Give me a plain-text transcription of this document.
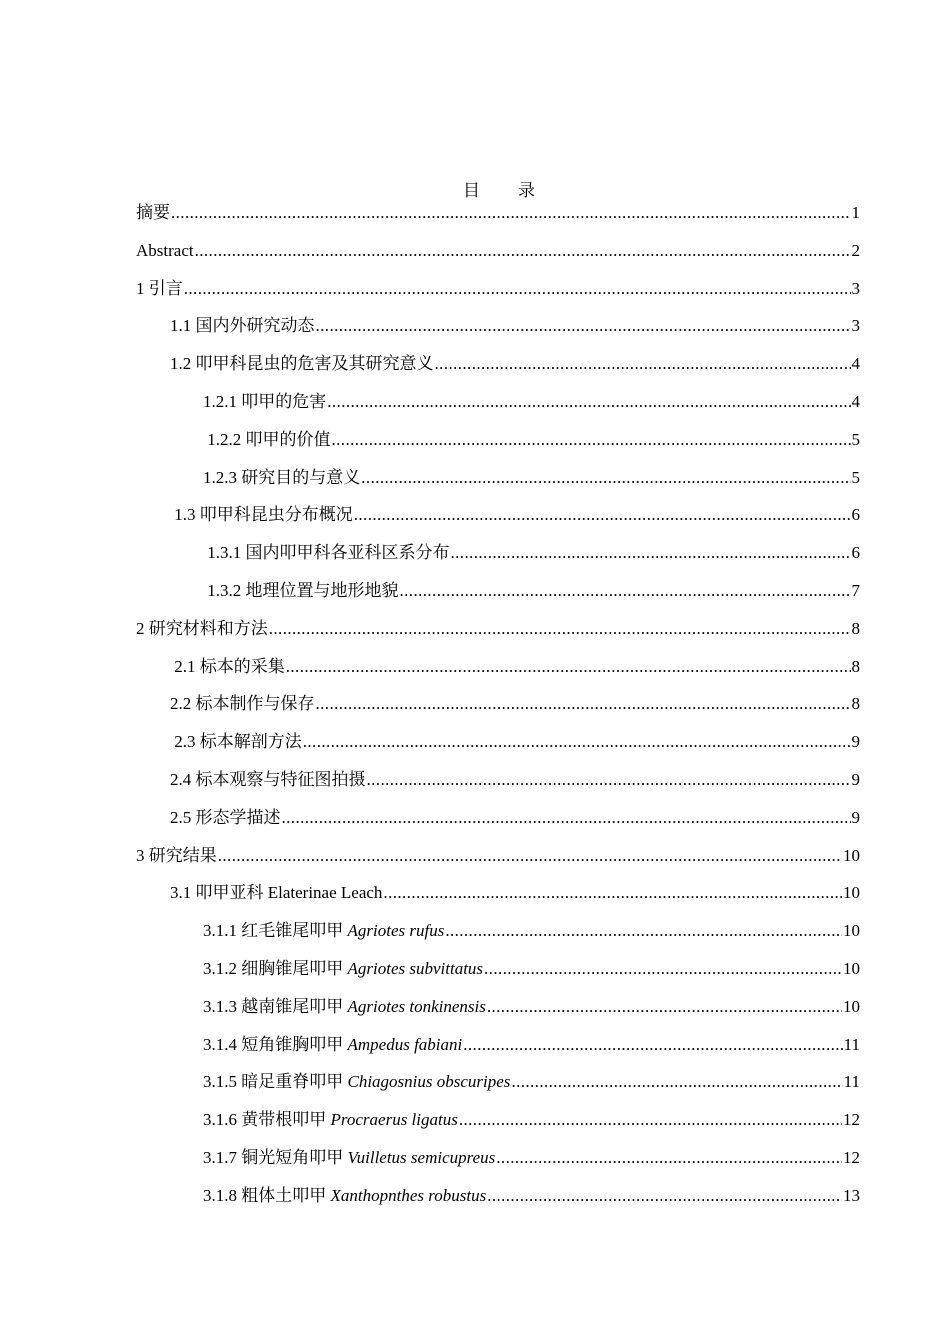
目 录
摘要 .....	1
Abstract .....	2
1 引言 .....	3
1.1 国内外研究动态 .....	3
1.2 叩甲科昆虫的危害及其研究意义 .....	4
1.2.1 叩甲的危害 .....	4
1.2.2 叩甲的价值 .....	5
1.2.3 研究目的与意义 .....	5
1.3 叩甲科昆虫分布概况 .....	6
1.3.1 国内叩甲科各亚科区系分布 .....	6
1.3.2 地理位置与地形地貌 .....	7
2 研究材料和方法 .....	8
2.1 标本的采集 .....	8
2.2 标本制作与保存 .....	8
2.3 标本解剖方法 .....	9
2.4 标本观察与特征图拍摄 .....	9
2.5 形态学描述 .....	9
3 研究结果 .....	10
3.1 叩甲亚科 Elaterinae Leach .....	10
3.1.1 红毛锥尾叩甲 Agriotes rufus .....	10
3.1.2 细胸锥尾叩甲 Agriotes subvittatus .....	10
3.1.3 越南锥尾叩甲 Agriotes tonkinensis .....	10
3.1.4 短角锥胸叩甲 Ampedus fabiani .....	11
3.1.5 暗足重脊叩甲 Chiagosnius obscuripes .....	11
3.1.6 黄带根叩甲 Procraerus ligatus .....	12
3.1.7 铜光短角叩甲 Vuilletus semicupreus .....	12
3.1.8 粗体土叩甲 Xanthopnthes robustus .....	13
